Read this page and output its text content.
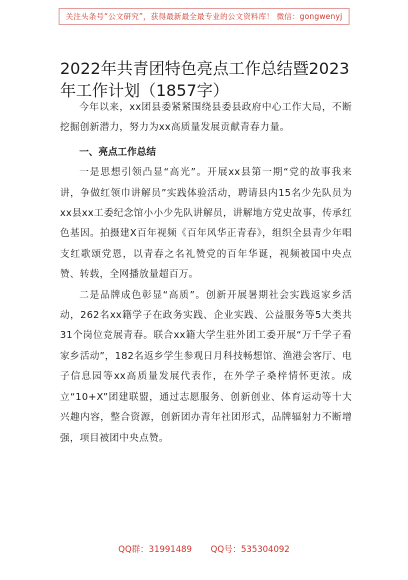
关注头条号“公文研究”，获得最新最全最专业的公文资料库！ 微信：gongwenyj
2022年共青团特色亮点工作总结暨2023年工作计划（1857字）

今年以来，xx团县委紧紧围绕县委县政府中心工作大局，不断挖掘创新潜力，努力为xx高质量发展贡献青春力量。

一、亮点工作总结

一是思想引领凸显“高光”。开展xx县第一期“党的故事我来讲，争做红领巾讲解员”实践体验活动，聘请县内15名少先队员为xx县xx工委纪念馆小小少先队讲解员，讲解地方党史故事，传承红色基因。拍摄建X百年视频《百年风华正青春》，组织全县青少年唱支红歌颂党恩，以青春之名礼赞党的百年华诞，视频被国中央点赞、转载，全网播放量超百万。

二是品牌成色彰显“高质”。创新开展暑期社会实践返家乡活动，262名xx籍学子在政务实践、企业实践、公益服务等5大类共31个岗位竞展青春。联合xx籍大学生驻外团工委开展“万千学子看家乡活动”，182名返乡学生参观日月科技畅想馆、渔港会客厅、电子信息园等xx高质量发展代表作，在外学子桑梓情怀更浓。成立“10+X”团建联盟，通过志愿服务、创新创业、体育运动等十大兴趣内容，整合资源，创新团办青年社团形式，品牌辐射力不断增强，项目被团中央点赞。

QQ群：31991489 QQ号：535304092
